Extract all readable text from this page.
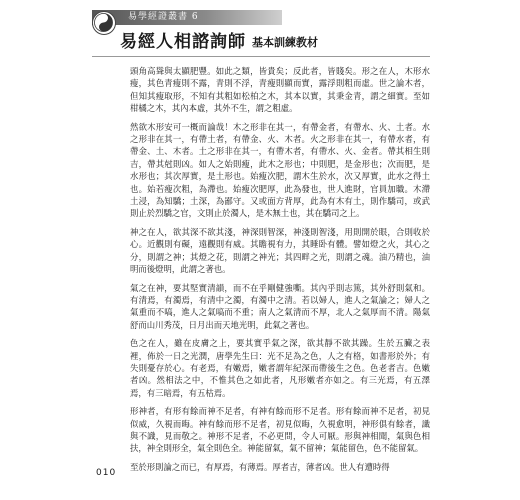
易學經證叢書 6
易經人相諮詢師 基本訓練教材

頭角高聳與太顯肥豐。如此之類，皆貴矣；反此者，皆賤矣。形之在人，木形水瘦，其色青瘦則不露，青則不浮，青瘦則顯而實，露浮則粗而虛。世之論木者，但知其瘦取形，不知有其粗如松柏之木，其本以實，其秉金青，謂之細實。至如柑橘之木，其內本虛，其外不生，謂之粗虛。

然欲木形安可一概而論哉！木之形非在其一，有帶金者，有帶水、火、土者。水之形非在其一，有帶土者，有帶金、火、木者。火之形非在其一，有帶水者，有帶金、土、木者。土之形非在其一，有帶木者，有帶水、火、金者。帶其相生則吉，帶其尅則凶。如人之始則瘦，此木之形也；中則肥，是金形也；次而肥，是水形也；其次厚實，是土形也。始瘦次肥，謂木生於水，次又厚實，此水之得土也。始若瘦次粗，為滯也。始瘦次肥厚，此為發也，世人進財，官員加職。木滯土浸，為知驕；土深，為鄙守。又或面方背厚，此為有木有土，則作驕司，或武則止於烈驕之官，文則止於濁人，是木無土也，其在驕司之上。

神之在人，欲其深不欲其淺，神深則智深，神淺則智淺，用則開於眼，合則收於心。近觀則有礙，遠觀則有威。其瞻視有力，其睡卧有體。譬如燈之火，其心之分，則謂之神；其燈之花，則謂之神光；其四畔之光，則謂之魂。油乃精也，油明而後燈明，此謂之著也。

氣之在神，要其堅實清韻，而不在乎剛健強嘶。其內乎則志篤，其外舒則氣和。有清焉，有濁焉，有清中之濁，有濁中之清。若以婦人，進人之氣論之；婦人之氣重而不嗃，進人之氣嗃而不重；南人之氣清而不厚，北人之氣厚而不清。陽氣舒而山川秀茂，日月出而天地光明，此氣之著也。

色之在人，雖在皮膚之上，要其實乎氣之深，欲其靜不欲其躁。生於五臟之表裡，佈於一日之光潤，唐學先生曰：光不足為之色，人之有格，如書形於外；有失則憂存於心。有老焉，有嫩焉，嫩者謂年紀深而帶後生之色。色老者吉。色嫩者凶。然相法之中，不惟其色之如此者，凡形嫩者亦如之。有三光焉，有五澤焉，有三暗焉，有五枯焉。

形神者，有形有餘而神不足者，有神有餘而形不足者。形有餘而神不足者，初見似威，久視而晦。神有餘而形不足者，初見似晦，久視愈明，神形俱有餘者，識與不識，見而敬之。神形不足者，不必更問，令人可厭。形與神相聞，氣與色相扶，神全則形全，氣全則色全。神能留氣，氣不留神；氣能留色，色不能留氣。

至於形則論之而已，有厚焉，有薄焉。厚者吉，薄者凶。世人有遭時得

010
